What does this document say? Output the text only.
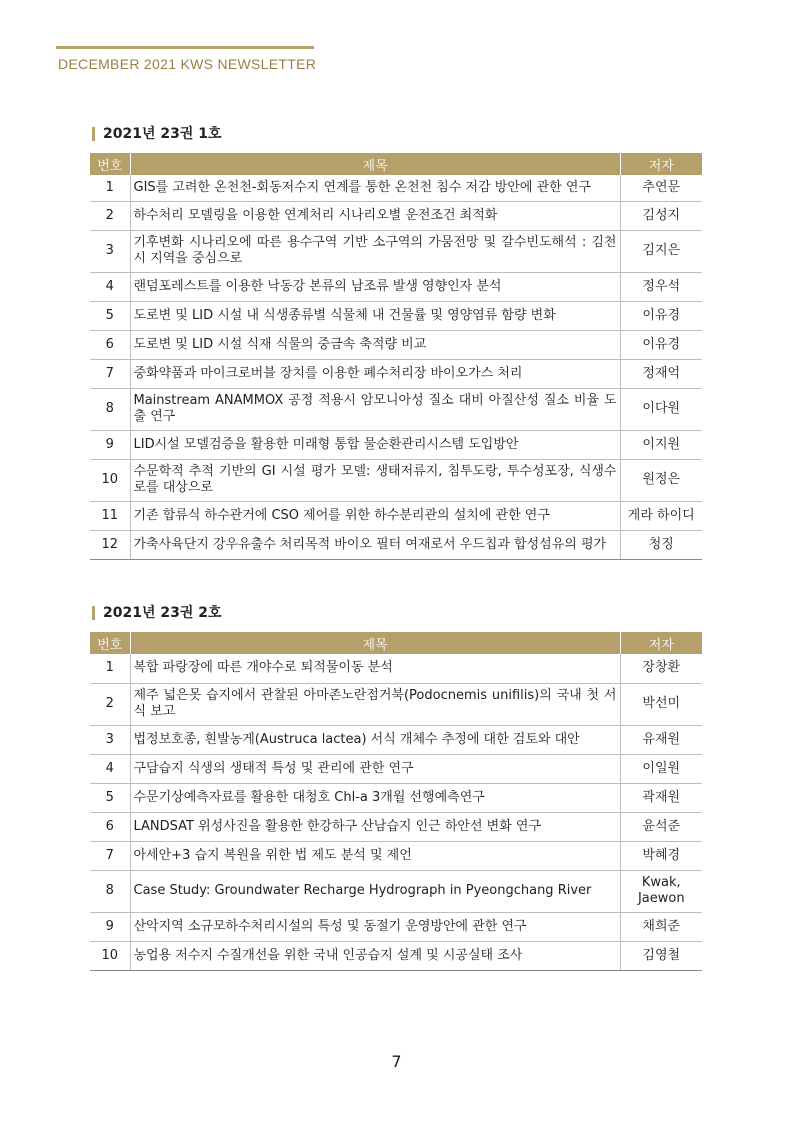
DECEMBER 2021 KWS NEWSLETTER
2021년 23권 1호
번호	제목	저자
1	GIS를 고려한 온천천-회동저수지 연계를 통한 온천천 침수 저감 방안에 관한 연구	추연문
2	하수처리 모델링을 이용한 연계처리 시나리오별 운전조건 최적화	김성지
3	기후변화 시나리오에 따른 용수구역 기반 소구역의 가뭄전망 및 갈수빈도해석 : 김천시 지역을 중심으로	김지은
4	랜덤포레스트를 이용한 낙동강 본류의 남조류 발생 영향인자 분석	정우석
5	도로변 및 LID 시설 내 식생종류별 식물체 내 건물률 및 영양염류 함량 변화	이유경
6	도로변 및 LID 시설 식재 식물의 중금속 축적량 비교	이유경
7	중화약품과 마이크로버블 장치를 이용한 폐수처리장 바이오가스 처리	정재억
8	Mainstream ANAMMOX 공정 적용시 암모니아성 질소 대비 아질산성 질소 비율 도출 연구	이다원
9	LID시설 모델검증을 활용한 미래형 통합 물순환관리시스템 도입방안	이지원
10	수문학적 추적 기반의 GI 시설 평가 모델: 생태저류지, 침투도랑, 투수성포장, 식생수로를 대상으로	원정은
11	기존 합류식 하수관거에 CSO 제어를 위한 하수분리관의 설치에 관한 연구	게라 하이디
12	가축사육단지 강우유출수 처리목적 바이오 필터 여재로서 우드칩과 합성섬유의 평가	청징
2021년 23권 2호
번호	제목	저자
1	복합 파랑장에 따른 개야수로 퇴적물이동 분석	장창환
2	제주 넓은못 습지에서 관찰된 아마존노란점거북(Podocnemis unifilis)의 국내 첫 서식 보고	박선미
3	법정보호종, 흰발농게(Austruca lactea) 서식 개체수 추정에 대한 검토와 대안	유재원
4	구담습지 식생의 생태적 특성 및 관리에 관한 연구	이일원
5	수문기상예측자료를 활용한 대청호 Chl-a 3개월 선행예측연구	곽재원
6	LANDSAT 위성사진을 활용한 한강하구 산남습지 인근 하안선 변화 연구	윤석준
7	아세안+3 습지 복원을 위한 법 제도 분석 및 제언	박혜경
8	Case Study: Groundwater Recharge Hydrograph in Pyeongchang River	Kwak, Jaewon
9	산악지역 소규모하수처리시설의 특성 및 동절기 운영방안에 관한 연구	채희준
10	농업용 저수지 수질개선을 위한 국내 인공습지 설계 및 시공실태 조사	김영철
7
